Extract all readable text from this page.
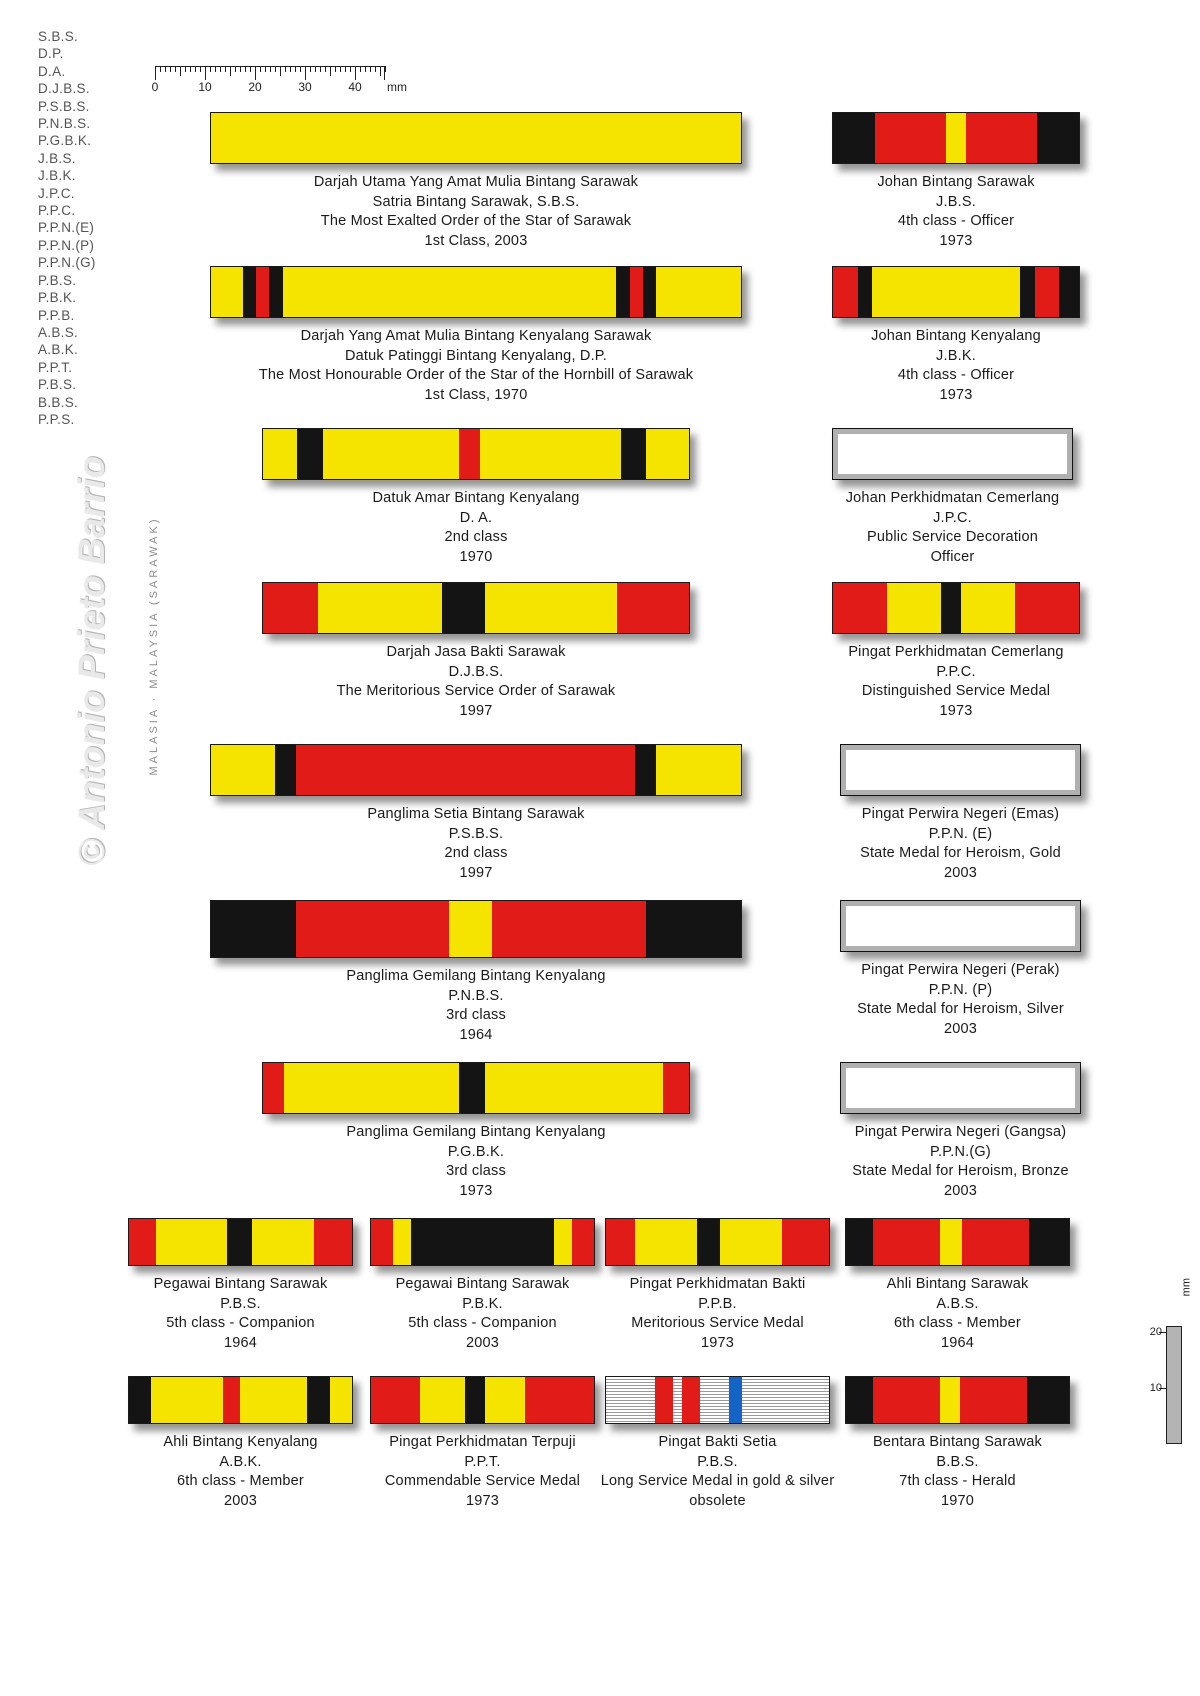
S.B.S.
D.P.
D.A.
D.J.B.S.
P.S.B.S.
P.N.B.S.
P.G.B.K.
J.B.S.
J.B.K.
J.P.C.
P.P.C.
P.P.N.(E)
P.P.N.(P)
P.P.N.(G)
P.B.S.
P.B.K.
P.P.B.
A.B.S.
A.B.K.
P.P.T.
P.B.S.
B.B.S.
P.P.S.
© Antonio Prieto Barrio	MALASIA · MALAYSIA (SARAWAK)
0	10	20	30	40 mm
20
10
mm
Darjah Utama Yang Amat Mulia Bintang Sarawak
Satria Bintang Sarawak, S.B.S.
The Most Exalted Order of the Star of Sarawak
1st Class, 2003
Johan Bintang Sarawak
J.B.S.
4th class - Officer
1973
Darjah Yang Amat Mulia Bintang Kenyalang Sarawak
Datuk Patinggi Bintang Kenyalang, D.P.
The Most Honourable Order of the Star of the Hornbill of Sarawak
1st Class, 1970
Johan Bintang Kenyalang
J.B.K.
4th class - Officer
1973
Datuk Amar Bintang Kenyalang
D. A.
2nd class
1970
Johan Perkhidmatan Cemerlang
J.P.C.
Public Service Decoration
Officer
Darjah Jasa Bakti Sarawak
D.J.B.S.
The Meritorious Service Order of Sarawak
1997
Pingat Perkhidmatan Cemerlang
P.P.C.
Distinguished Service Medal
1973
Panglima Setia Bintang Sarawak
P.S.B.S.
2nd class
1997
Pingat Perwira Negeri (Emas)
P.P.N. (E)
State Medal for Heroism, Gold
2003
Panglima Gemilang Bintang Kenyalang
P.N.B.S.
3rd class
1964
Pingat Perwira Negeri (Perak)
P.P.N. (P)
State Medal for Heroism, Silver
2003
Panglima Gemilang Bintang Kenyalang
P.G.B.K.
3rd class
1973
Pingat Perwira Negeri (Gangsa)
P.P.N.(G)
State Medal for Heroism, Bronze
2003
Pegawai Bintang Sarawak
P.B.S.
5th class - Companion
1964
Pegawai Bintang Sarawak
P.B.K.
5th class - Companion
2003
Pingat Perkhidmatan Bakti
P.P.B.
Meritorious Service Medal
1973
Ahli Bintang Sarawak
A.B.S.
6th class - Member
1964
Ahli Bintang Kenyalang
A.B.K.
6th class - Member
2003
Pingat Perkhidmatan Terpuji
P.P.T.
Commendable Service Medal
1973
Pingat Bakti Setia
P.B.S.
Long Service Medal in gold & silver
obsolete
Bentara Bintang Sarawak
B.B.S.
7th class - Herald
1970
